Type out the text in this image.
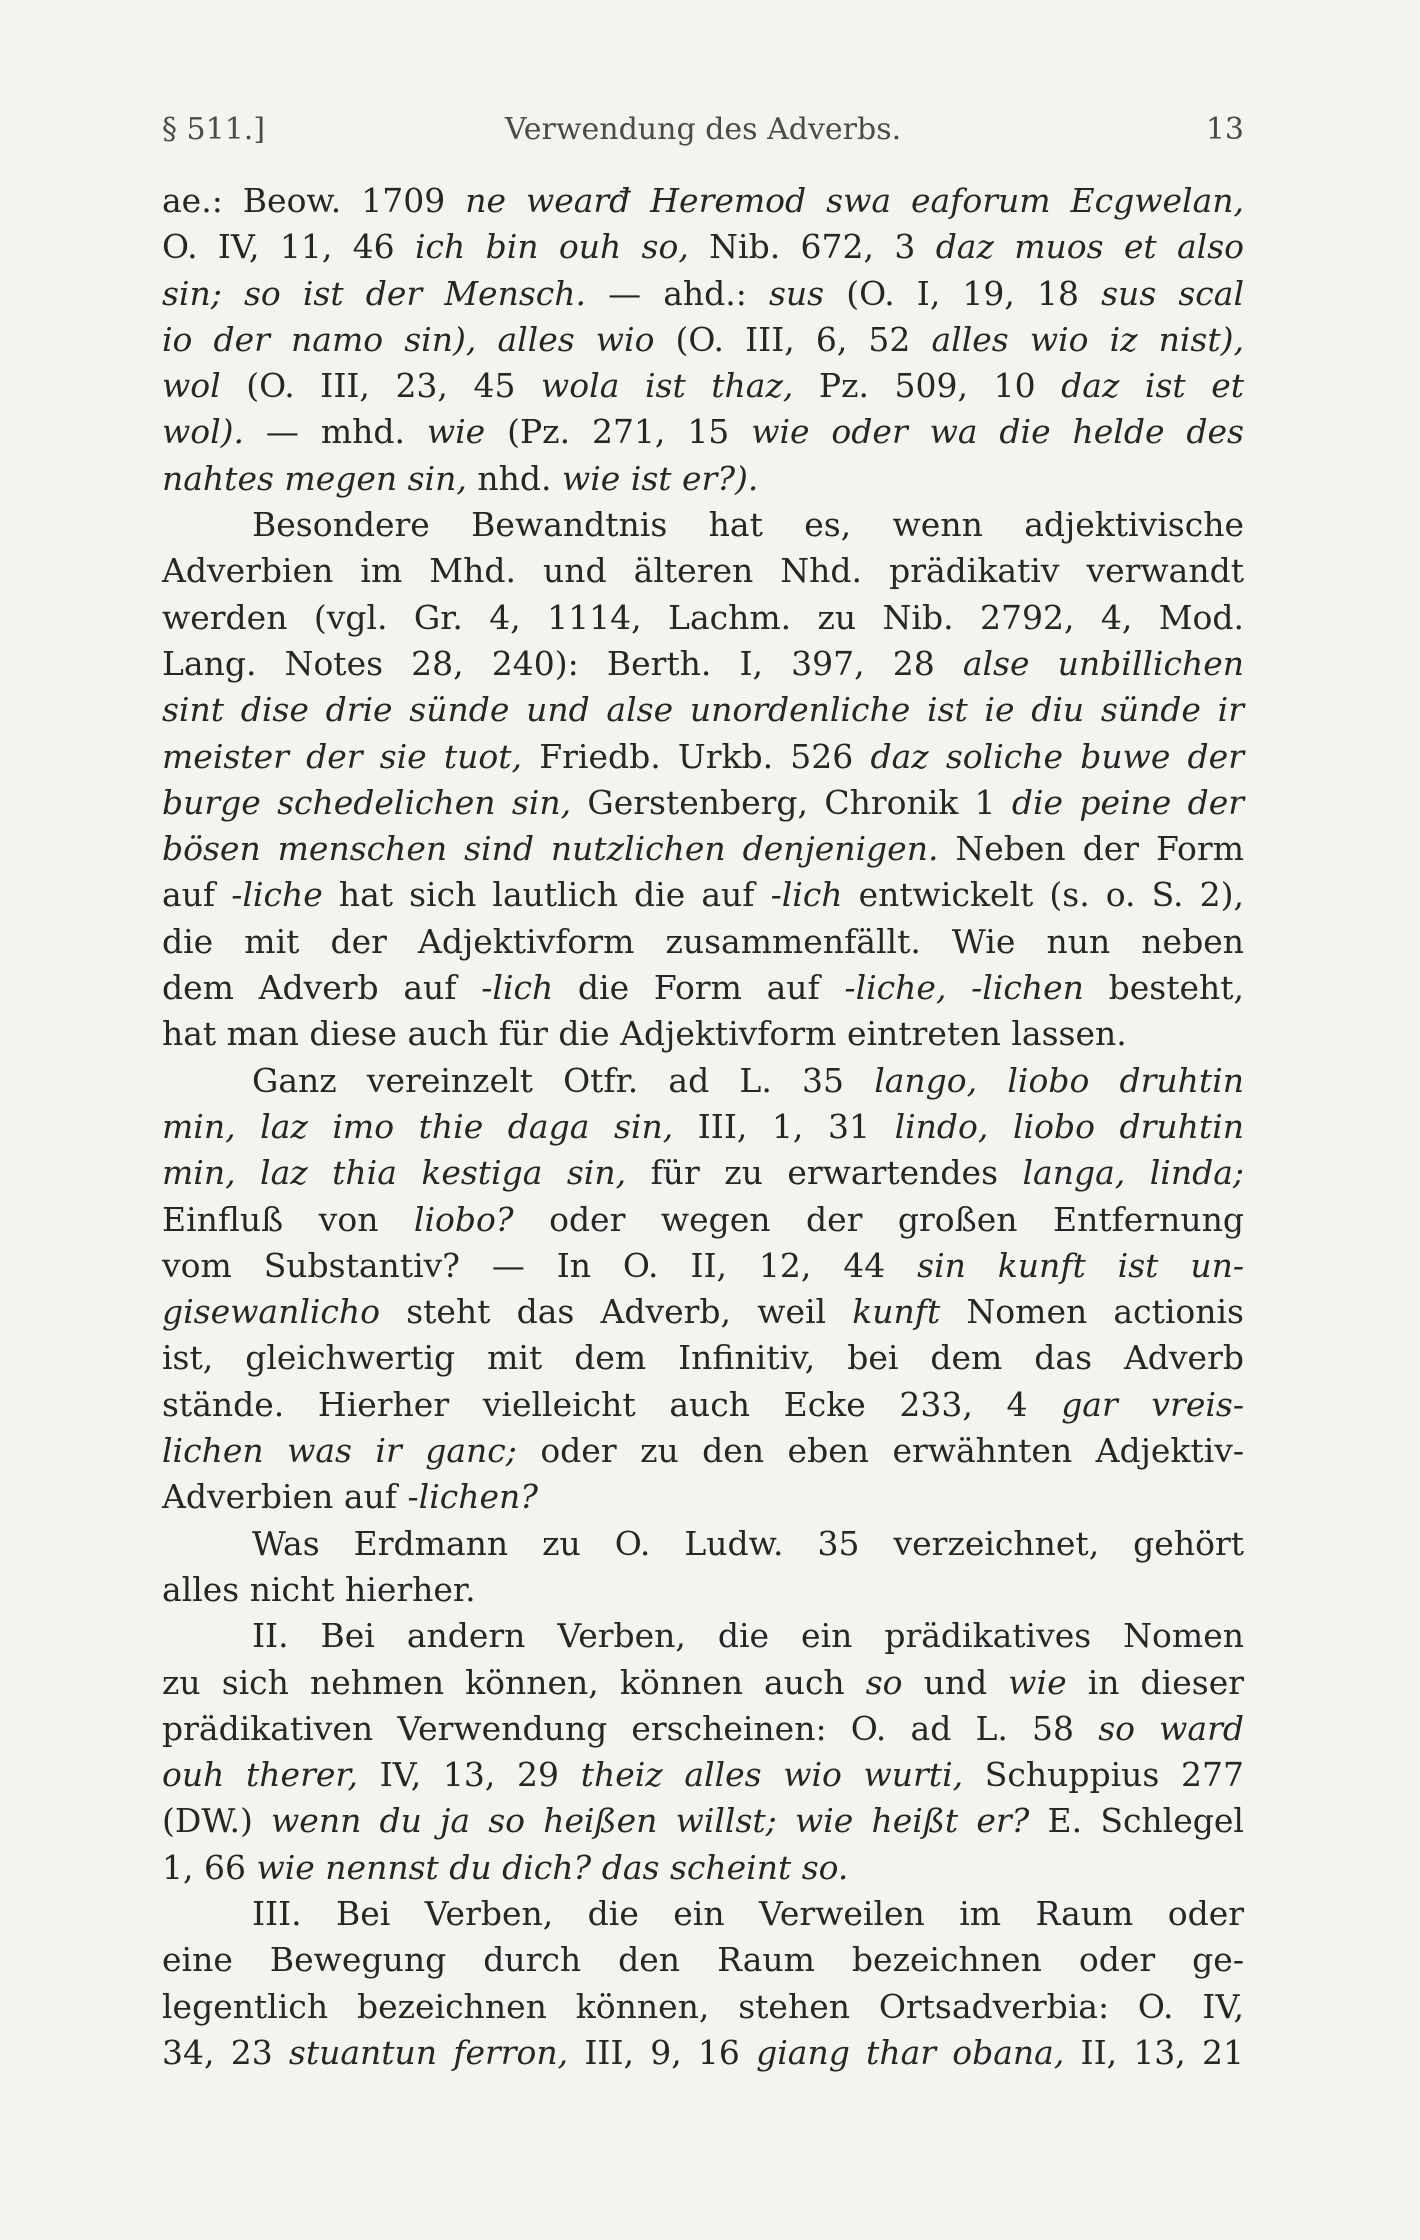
§ 511.]	Verwendung des Adverbs.	13
ae.: Beow. 1709 ne wearđ Heremod swa eaforum Ecgwelan,
O. IV, 11, 46 ich bin ouh so, Nib. 672, 3 daz muos et also
sin; so ist der Mensch. — ahd.: sus (O. I, 19, 18 sus scal
io der namo sin), alles wio (O. III, 6, 52 alles wio iz nist),
wol (O. III, 23, 45 wola ist thaz, Pz. 509, 10 daz ist et
wol). — mhd. wie (Pz. 271, 15 wie oder wa die helde des
nahtes megen sin, nhd. wie ist er?).
Besondere Bewandtnis hat es, wenn adjektivische
Adverbien im Mhd. und älteren Nhd. prädikativ verwandt
werden (vgl. Gr. 4, 1114, Lachm. zu Nib. 2792, 4, Mod.
Lang. Notes 28, 240): Berth. I, 397, 28 alse unbillichen
sint dise drie sünde und alse unordenliche ist ie diu sünde ir
meister der sie tuot, Friedb. Urkb. 526 daz soliche buwe der
burge schedelichen sin, Gerstenberg, Chronik 1 die peine der
bösen menschen sind nutzlichen denjenigen. Neben der Form
auf -liche hat sich lautlich die auf -lich entwickelt (s. o. S. 2),
die mit der Adjektivform zusammenfällt. Wie nun neben
dem Adverb auf -lich die Form auf -liche, -lichen besteht,
hat man diese auch für die Adjektivform eintreten lassen.
Ganz vereinzelt Otfr. ad L. 35 lango, liobo druhtin
min, laz imo thie daga sin, III, 1, 31 lindo, liobo druhtin
min, laz thia kestiga sin, für zu erwartendes langa, linda;
Einfluß von liobo? oder wegen der großen Entfernung
vom Substantiv? — In O. II, 12, 44 sin kunft ist un-
gisewanlicho steht das Adverb, weil kunft Nomen actionis
ist, gleichwertig mit dem Infinitiv, bei dem das Adverb
stände. Hierher vielleicht auch Ecke 233, 4 gar vreis-
lichen was ir ganc; oder zu den eben erwähnten Adjektiv-
Adverbien auf -lichen?
Was Erdmann zu O. Ludw. 35 verzeichnet, gehört
alles nicht hierher.
II. Bei andern Verben, die ein prädikatives Nomen
zu sich nehmen können, können auch so und wie in dieser
prädikativen Verwendung erscheinen: O. ad L. 58 so ward
ouh therer, IV, 13, 29 theiz alles wio wurti, Schuppius 277
(DW.) wenn du ja so heißen willst; wie heißt er? E. Schlegel
1, 66 wie nennst du dich? das scheint so.
III. Bei Verben, die ein Verweilen im Raum oder
eine Bewegung durch den Raum bezeichnen oder ge-
legentlich bezeichnen können, stehen Ortsadverbia: O. IV,
34, 23 stuantun ferron, III, 9, 16 giang thar obana, II, 13, 21
